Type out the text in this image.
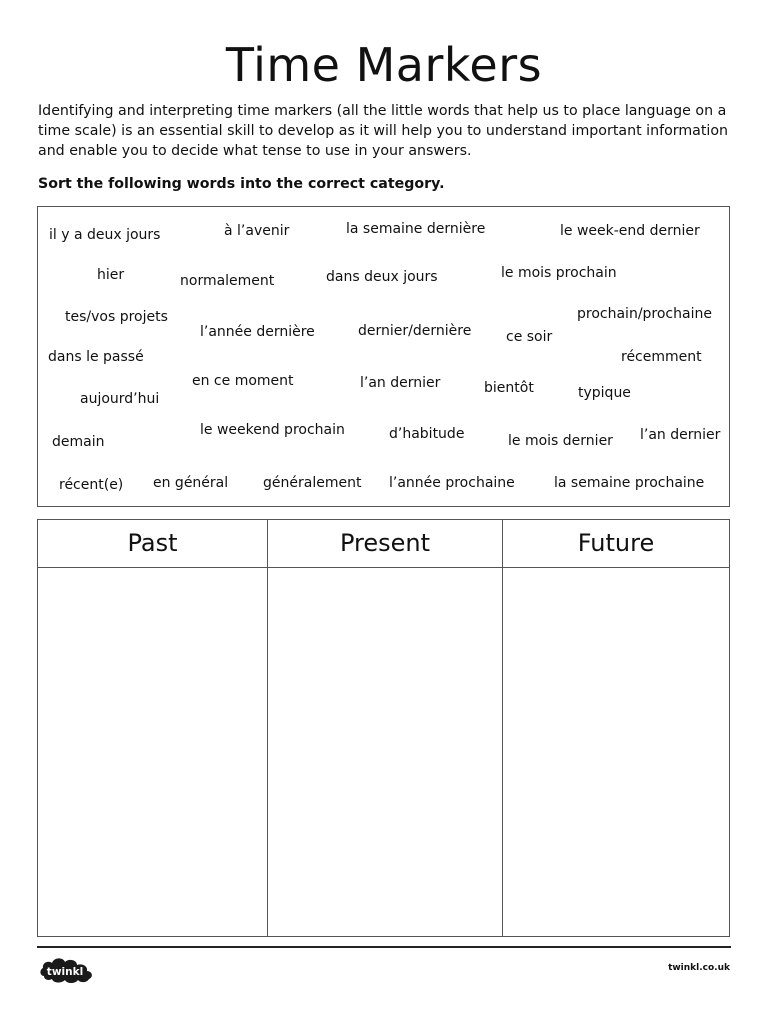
Time Markers

Identifying and interpreting time markers (all the little words that help us to place language on a time scale) is an essential skill to develop as it will help you to understand important information and enable you to decide what tense to use in your answers.

Sort the following words into the correct category.

il y a deux jours	à l’avenir	la semaine dernière	le week-end dernier
hier	normalement	dans deux jours	le mois prochain
tes/vos projets
l’année dernière	dernier/dernière ce soir
prochain/prochaine
dans le passé	récemment
aujourd’hui
en ce moment	l’an dernier	bientôt	typique
demain
le weekend prochain	d’habitude	le mois dernier l’an dernier
récent(e) en général généralement l’année prochaine	la semaine prochaine
Past	Present	Future
twinkl	twinkl.co.uk
